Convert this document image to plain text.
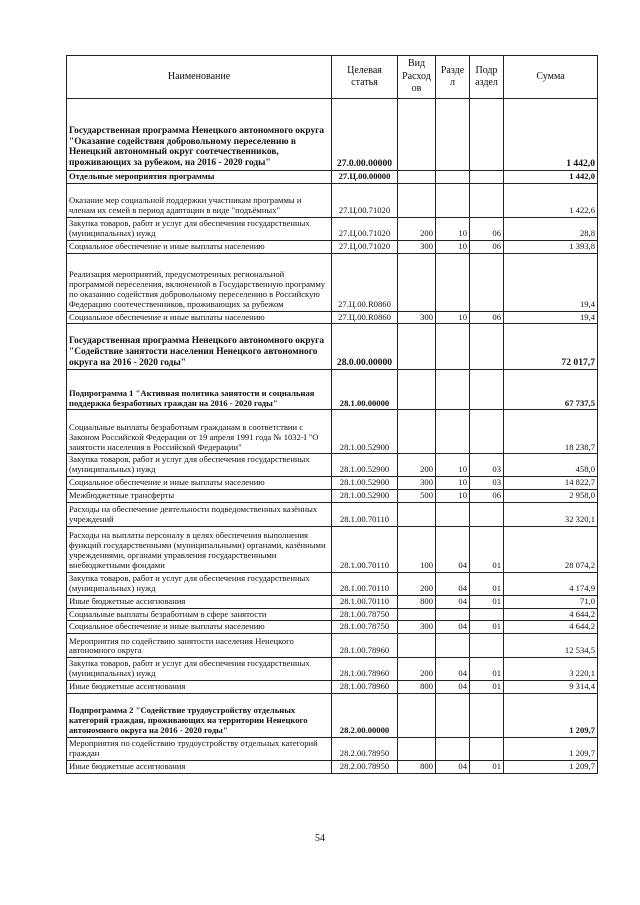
Наименование	Целевая статья	Вид Расход ов	Разде л	Подр аздел	Сумма
Государственная программа Ненецкого автономного округа "Оказание содействия добровольному переселению в Ненецкий автономный округ соотечественников, проживающих за рубежом, на 2016 - 2020 годы"	27.0.00.00000				1 442,0
Отдельные мероприятия программы	27.Ц.00.00000				1 442,0
Оказание мер социальной поддержки участникам программы и членам их семей в период адаптации в виде "подъёмных"	27.Ц.00.71020				1 422,6
Закупка товаров, работ и услуг для обеспечения государственных (муниципальных) нужд	27.Ц.00.71020	200	10	06	28,8
Социальное обеспечение и иные выплаты населению	27.Ц.00.71020	300	10	06	1 393,8
Реализация мероприятий, предусмотренных региональной программой переселения, включенной в Государственную программу по оказанию содействия добровольному переселению в Российскую Федерацию соотечественников, проживающих за рубежом	27.Ц.00.R0860				19,4
Социальное обеспечение и иные выплаты населению	27.Ц.00.R0860	300	10	06	19,4
Государственная программа Ненецкого автономного округа "Содействие занятости населения Ненецкого автономного округа на 2016 - 2020 годы"	28.0.00.00000				72 017,7
Подпрограмма 1 "Активная политика занятости и социальная поддержка безработных граждан на 2016 - 2020 годы"	28.1.00.00000				67 737,5
Социальные выплаты безработным гражданам в соответствии с Законом Российской Федерации от 19 апреля 1991 года № 1032-I "О занятости населения в Российской Федерации"	28.1.00.52900				18 238,7
Закупка товаров, работ и услуг для обеспечения государственных (муниципальных) нужд	28.1.00.52900	200	10	03	458,0
Социальное обеспечение и иные выплаты населению	28.1.00.52900	300	10	03	14 822,7
Межбюджетные трансферты	28.1.00.52900	500	10	06	2 958,0
Расходы на обеспечение деятельности подведомственных казённых учреждений	28.1.00.70110				32 320,1
Расходы на выплаты персоналу в целях обеспечения выполнения функций государственными (муниципальными) органами, казёнными учреждениями, органами управления государственными внебюджетными фондами	28.1.00.70110	100	04	01	28 074,2
Закупка товаров, работ и услуг для обеспечения государственных (муниципальных) нужд	28.1.00.70110	200	04	01	4 174,9
Иные бюджетные ассигнования	28.1.00.70110	800	04	01	71,0
Социальные выплаты безработным в сфере занятости	28.1.00.78750				4 644,2
Социальное обеспечение и иные выплаты населению	28.1.00.78750	300	04	01	4 644,2
Мероприятия по содействию занятости населения Ненецкого автономного округа	28.1.00.78960				12 534,5
Закупка товаров, работ и услуг для обеспечения государственных (муниципальных) нужд	28.1.00.78960	200	04	01	3 220,1
Иные бюджетные ассигнования	28.1.00.78960	800	04	01	9 314,4
Подпрограмма 2 "Содействие трудоустройству отдельных категорий граждан, проживающих на территории Ненецкого автономного округа на 2016 - 2020 годы"	28.2.00.00000				1 209,7
Мероприятия по содействию трудоустройству отдельных категорий граждан	28.2.00.78950				1 209,7
Иные бюджетные ассигнования	28.2.00.78950	800	04	01	1 209,7
54
